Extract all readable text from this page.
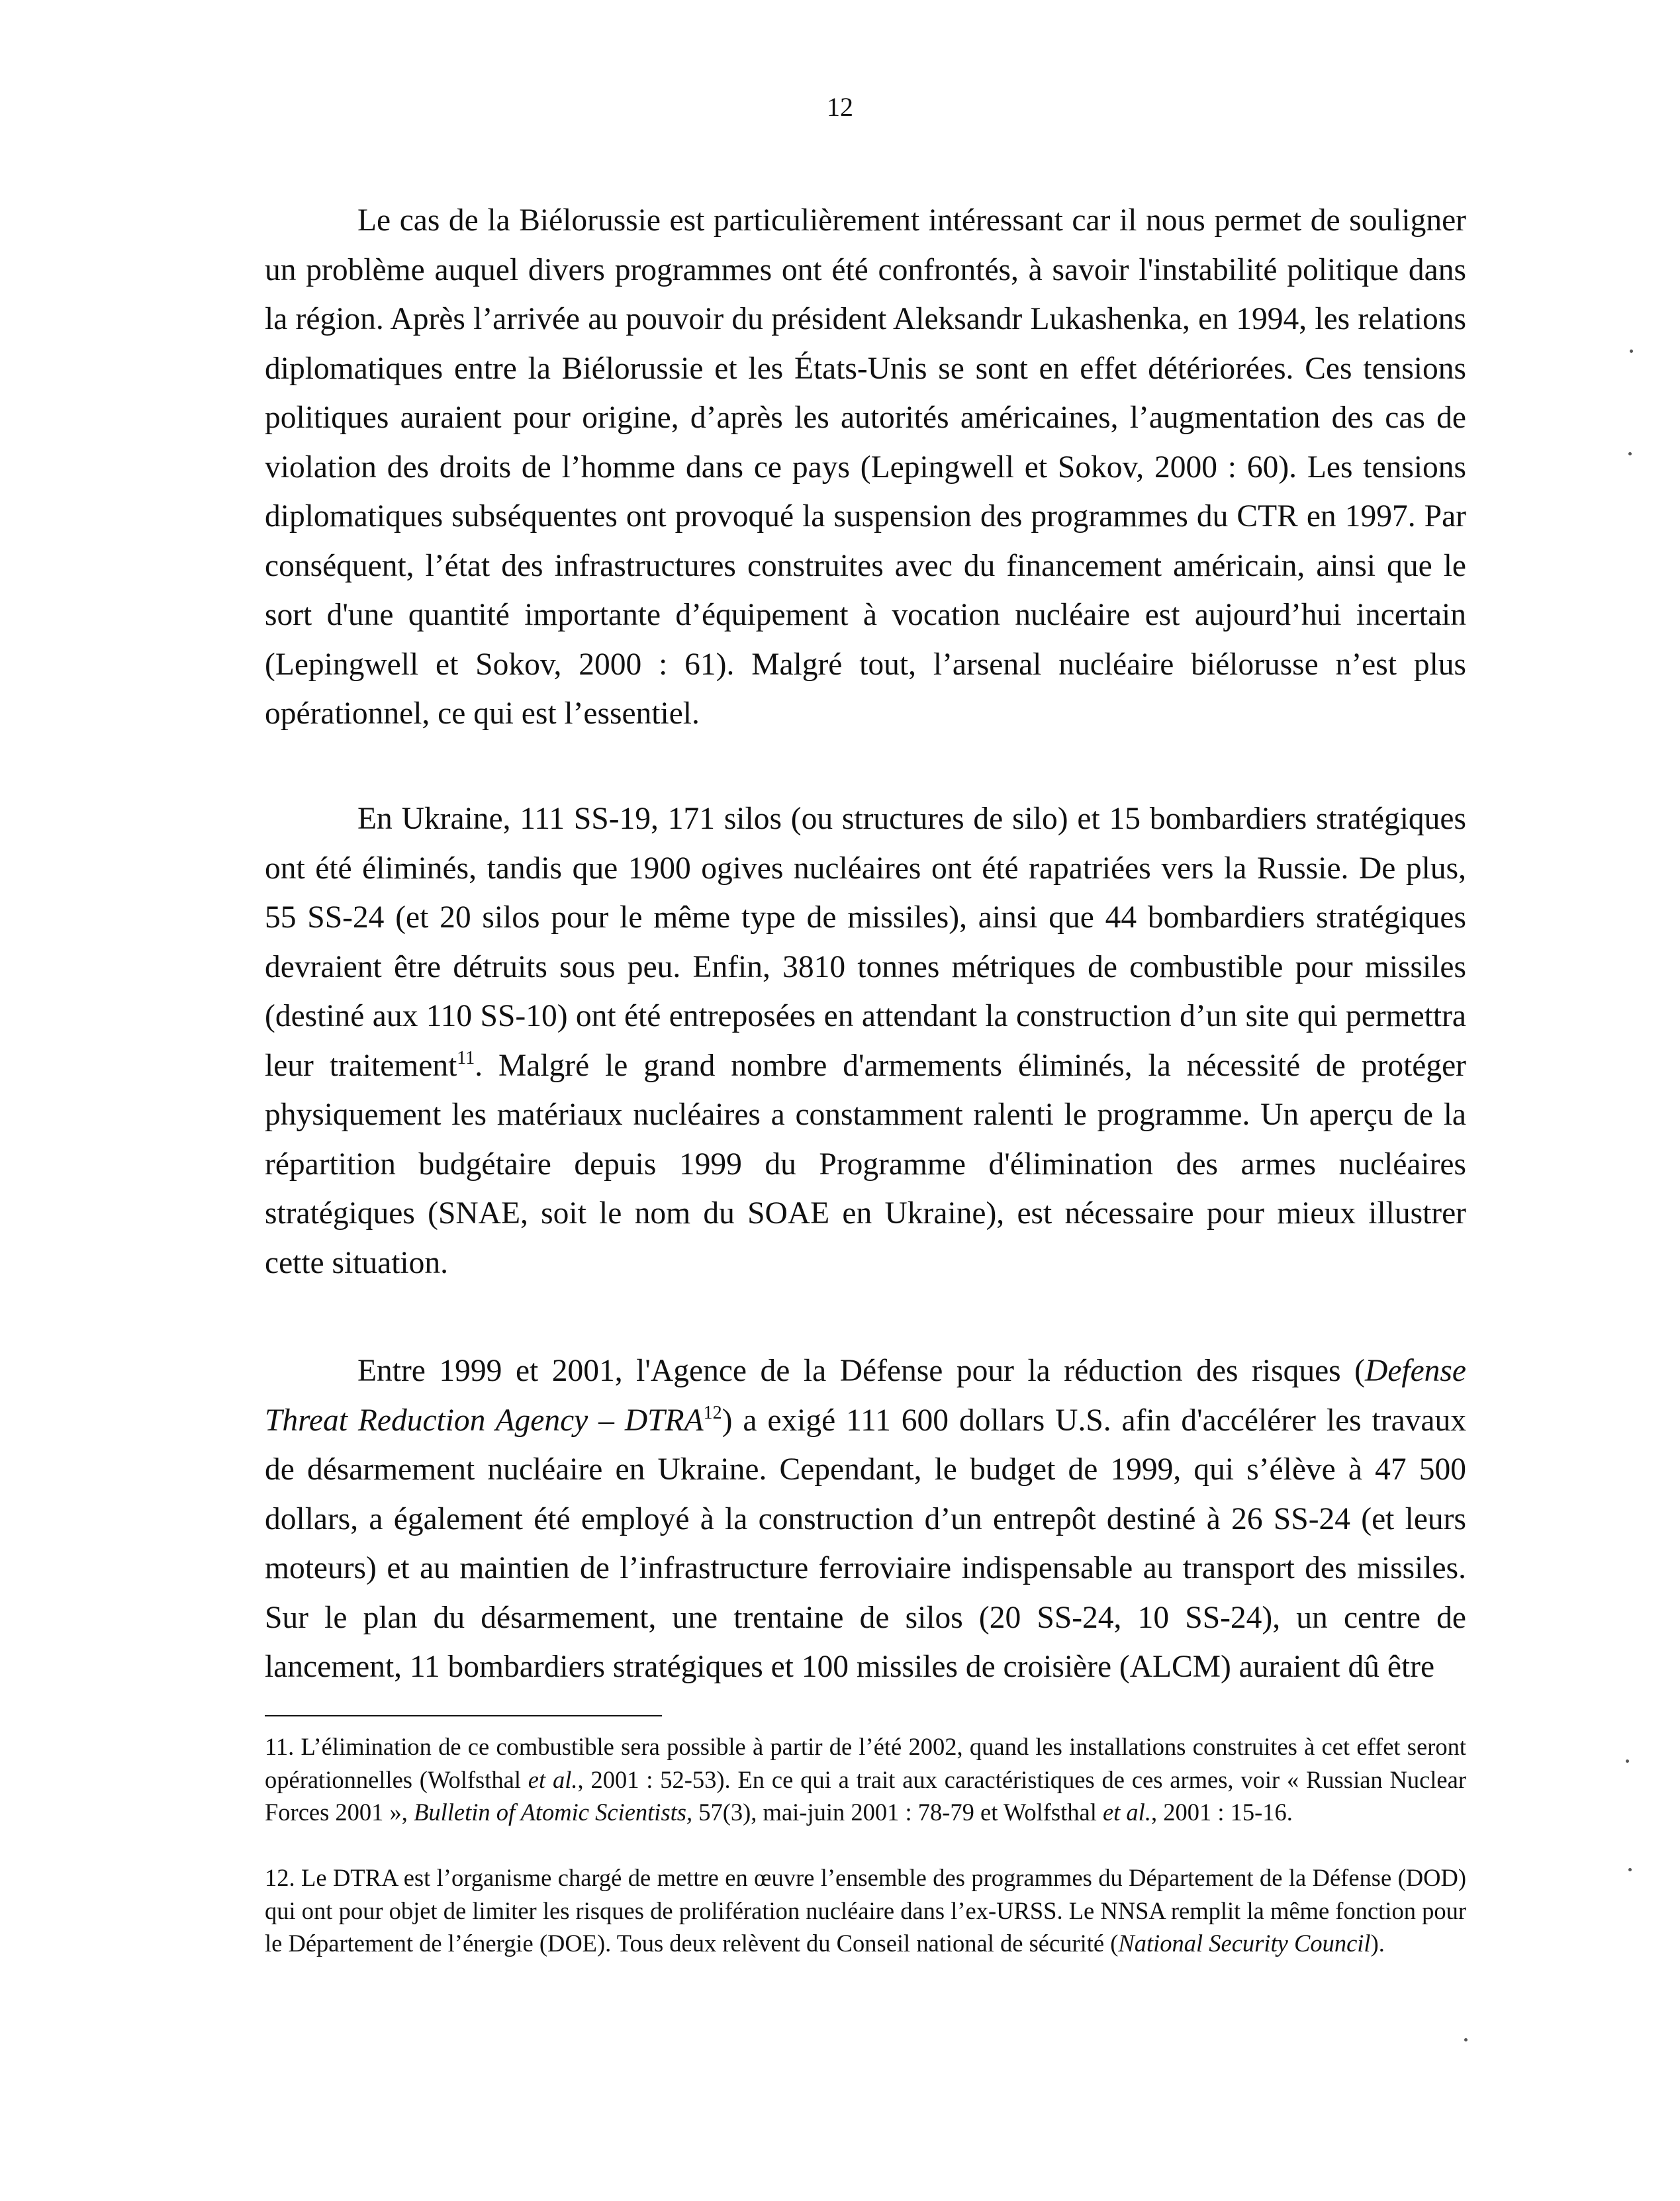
12

Le cas de la Biélorussie est particulièrement intéressant car il nous permet de souligner un problème auquel divers programmes ont été confrontés, à savoir l'instabilité politique dans la région. Après l’arrivée au pouvoir du président Aleksandr Lukashenka, en 1994, les relations diplomatiques entre la Biélorussie et les États-Unis se sont en effet détériorées. Ces tensions politiques auraient pour origine, d’après les autorités américaines, l’augmentation des cas de violation des droits de l’homme dans ce pays (Lepingwell et Sokov, 2000 : 60). Les tensions diplomatiques subséquentes ont provoqué la suspension des programmes du CTR en 1997. Par conséquent, l’état des infrastructures construites avec du financement américain, ainsi que le sort d'une quantité importante d’équipement à vocation nucléaire est aujourd’hui incertain (Lepingwell et Sokov, 2000 : 61). Malgré tout, l’arsenal nucléaire biélorusse n’est plus opérationnel, ce qui est l’essentiel.

En Ukraine, 111 SS-19, 171 silos (ou structures de silo) et 15 bombardiers stratégiques ont été éliminés, tandis que 1900 ogives nucléaires ont été rapatriées vers la Russie. De plus, 55 SS-24 (et 20 silos pour le même type de missiles), ainsi que 44 bombardiers stratégiques devraient être détruits sous peu. Enfin, 3810 tonnes métriques de combustible pour missiles (destiné aux 110 SS-10) ont été entreposées en attendant la construction d’un site qui permettra leur traitement$^{11}$. Malgré le grand nombre d'armements éliminés, la nécessité de protéger physiquement les matériaux nucléaires a constamment ralenti le programme. Un aperçu de la répartition budgétaire depuis 1999 du Programme d'élimination des armes nucléaires stratégiques (SNAE, soit le nom du SOAE en Ukraine), est nécessaire pour mieux illustrer cette situation.

Entre 1999 et 2001, l'Agence de la Défense pour la réduction des risques (Defense Threat Reduction Agency – DTRA$^{12}$) a exigé 111 600 dollars U.S. afin d'accélérer les travaux de désarmement nucléaire en Ukraine. Cependant, le budget de 1999, qui s’élève à 47 500 dollars, a également été employé à la construction d’un entrepôt destiné à 26 SS-24 (et leurs moteurs) et au maintien de l’infrastructure ferroviaire indispensable au transport des missiles. Sur le plan du désarmement, une trentaine de silos (20 SS-24, 10 SS-24), un centre de lancement, 11 bombardiers stratégiques et 100 missiles de croisière (ALCM) auraient dû être

11. L’élimination de ce combustible sera possible à partir de l’été 2002, quand les installations construites à cet effet seront opérationnelles (Wolfsthal et al., 2001 : 52-53). En ce qui a trait aux caractéristiques de ces armes, voir « Russian Nuclear Forces 2001 », Bulletin of Atomic Scientists, 57(3), mai-juin 2001 : 78-79 et Wolfsthal et al., 2001 : 15-16.

12. Le DTRA est l’organisme chargé de mettre en œuvre l’ensemble des programmes du Département de la Défense (DOD) qui ont pour objet de limiter les risques de prolifération nucléaire dans l’ex-URSS. Le NNSA remplit la même fonction pour le Département de l’énergie (DOE). Tous deux relèvent du Conseil national de sécurité (National Security Council).
